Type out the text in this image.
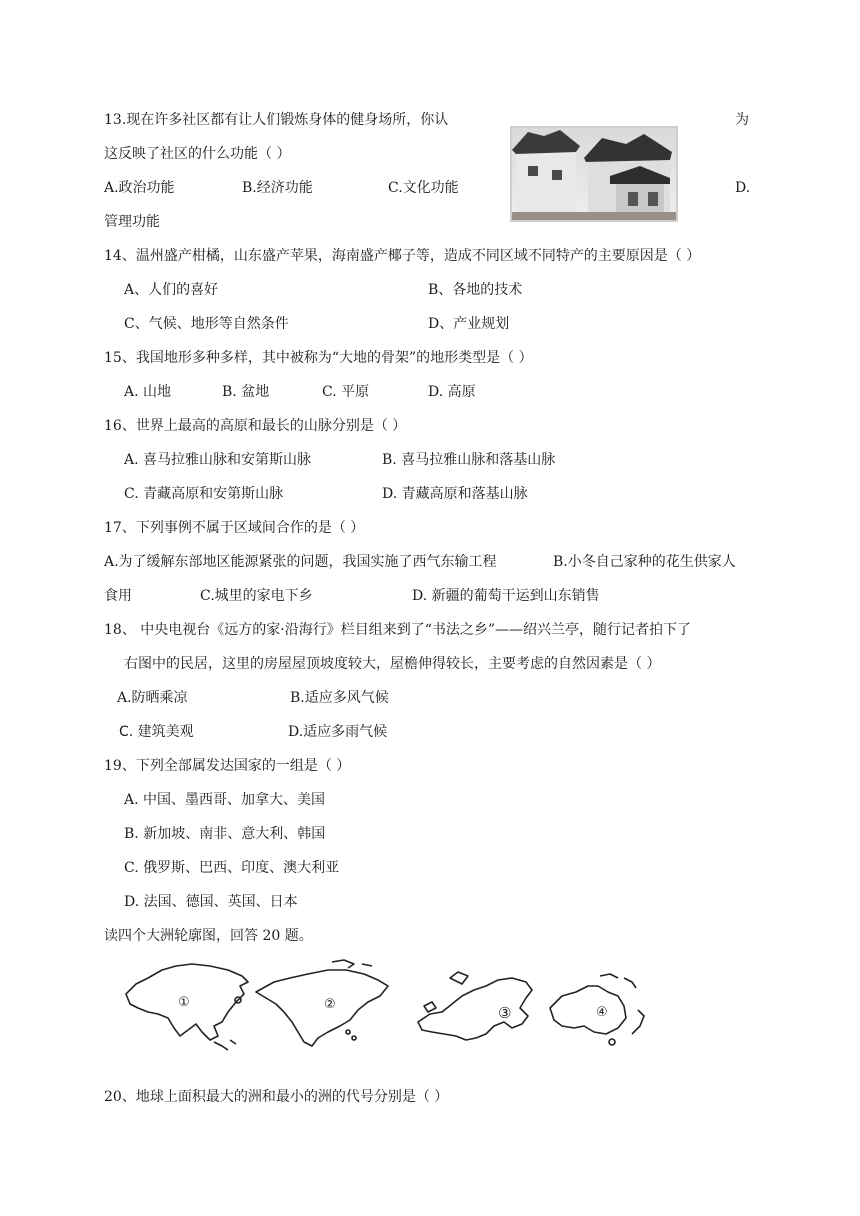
13.现在许多社区都有让人们锻炼身体的健身场所，你认	为
这反映了社区的什么功能（ ）
A.政治功能	B.经济功能	C.文化功能	D.
管理功能
14、温州盛产柑橘，山东盛产苹果，海南盛产椰子等，造成不同区域不同特产的主要原因是（ ）
A、人们的喜好	B、各地的技术
C、气候、地形等自然条件	D、产业规划
15、我国地形多种多样，其中被称为“大地的骨架”的地形类型是（ ）
A. 山地	B. 盆地	C. 平原	D. 高原
16、世界上最高的高原和最长的山脉分别是（ ）
A. 喜马拉雅山脉和安第斯山脉	B. 喜马拉雅山脉和落基山脉
C. 青藏高原和安第斯山脉	D. 青藏高原和落基山脉
17、下列事例不属于区域间合作的是（ ）
A.为了缓解东部地区能源紧张的问题，我国实施了西气东输工程	B.小冬自己家种的花生供家人
食用	C.城里的家电下乡	D. 新疆的葡萄干运到山东销售
18、 中央电视台《远方的家·沿海行》栏目组来到了“书法之乡”——绍兴兰亭，随行记者拍下了
右图中的民居，这里的房屋屋顶坡度较大，屋檐伸得较长，主要考虑的自然因素是（ ）
A.防晒乘凉	B.适应多风气候
C. 建筑美观	D.适应多雨气候
19、下列全部属发达国家的一组是（ ）
A. 中国、墨西哥、加拿大、美国
B. 新加坡、南非、意大利、韩国
C. 俄罗斯、巴西、印度、澳大利亚
D. 法国、德国、英国、日本
读四个大洲轮廓图，回答 20 题。
①	②	③	④
20、地球上面积最大的洲和最小的洲的代号分别是（ ）
